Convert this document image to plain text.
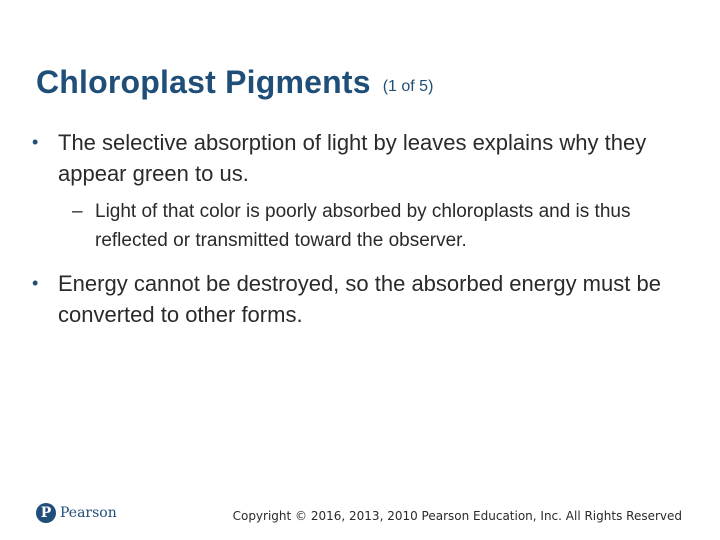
Chloroplast Pigments (1 of 5)
• The selective absorption of light by leaves explains why they appear green to us.
– Light of that color is poorly absorbed by chloroplasts and is thus reflected or transmitted toward the observer.
• Energy cannot be destroyed, so the absorbed energy must be converted to other forms.
P Pearson	Copyright © 2016, 2013, 2010 Pearson Education, Inc. All Rights Reserved
